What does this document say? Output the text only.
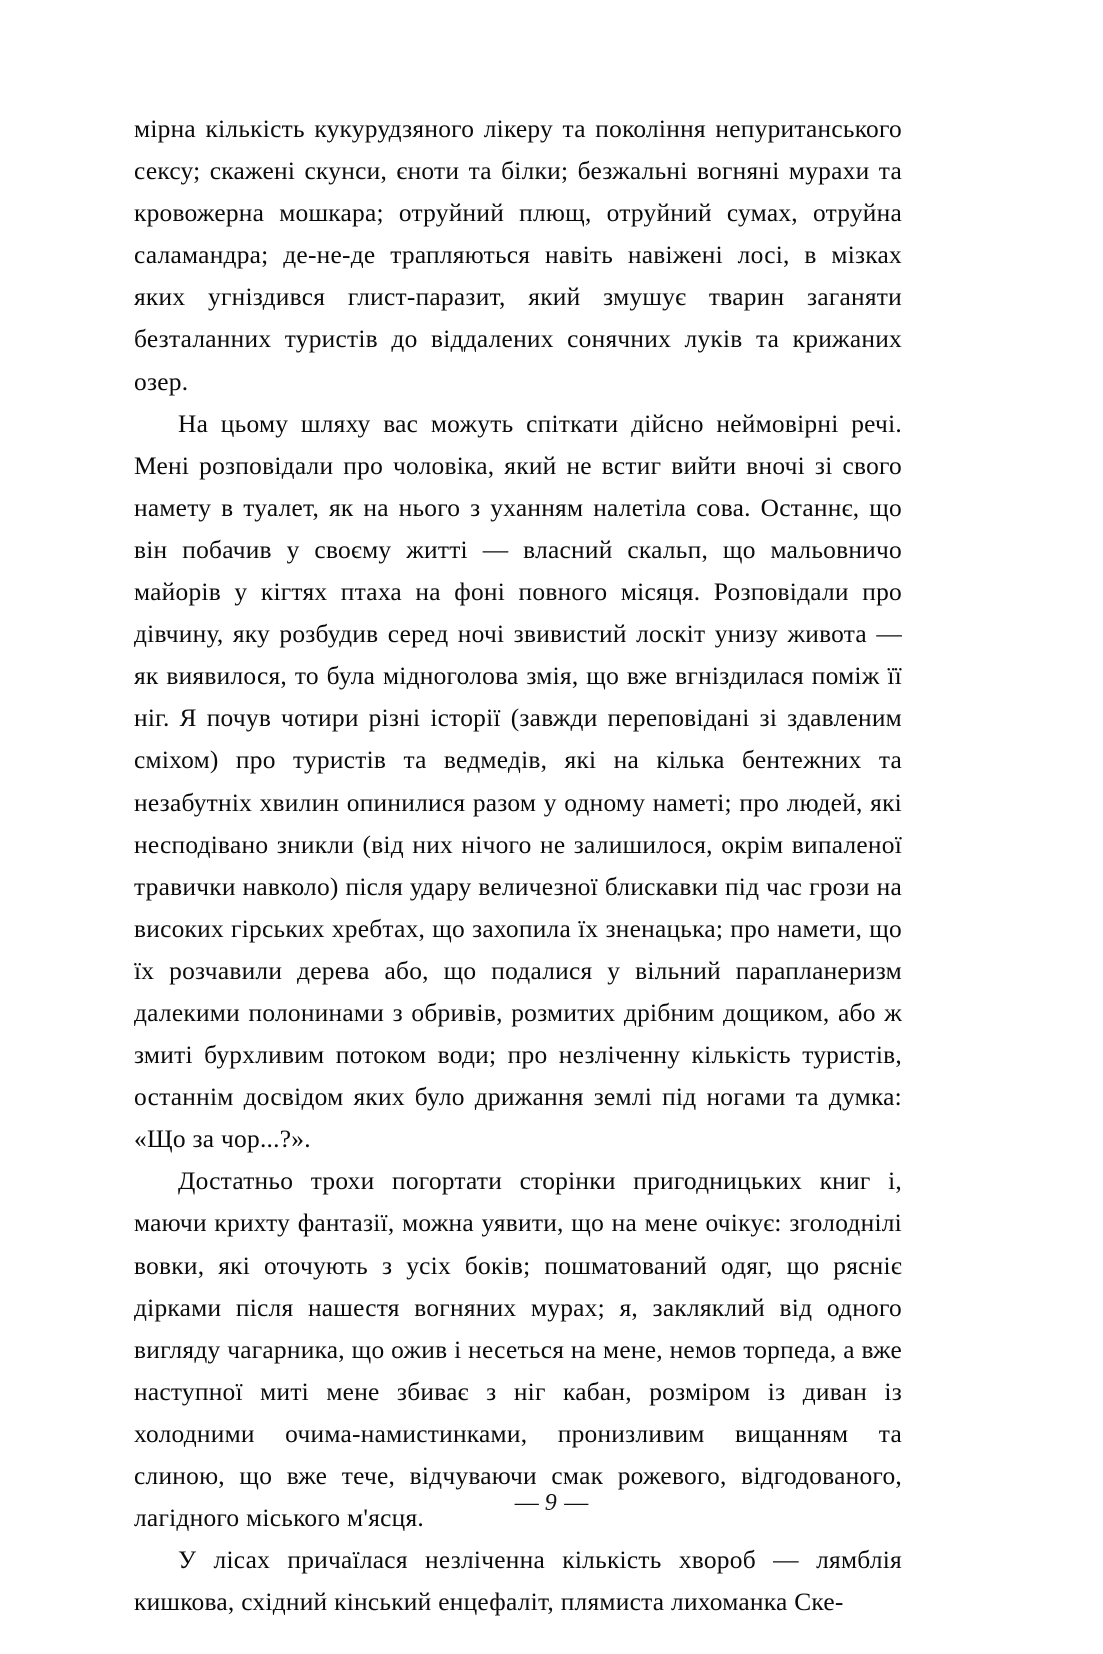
мірна кількість кукурудзяного лікеру та покоління непуританського сексу; скажені скунси, єноти та білки; безжальні вогняні мурахи та кровожерна мошкара; отруйний плющ, отруйний сумах, отруйна саламандра; де-не-де трапляються навіть навіжені лосі, в мізках яких угніздився глист-паразит, який змушує тварин заганяти безталанних туристів до віддалених сонячних луків та крижаних озер.

На цьому шляху вас можуть спіткати дійсно неймовірні речі. Мені розповідали про чоловіка, який не встиг вийти вночі зі свого намету в туалет, як на нього з уханням налетіла сова. Останнє, що він побачив у своєму житті — власний скальп, що мальовничо майорів у кігтях птаха на фоні повного місяця. Розповідали про дівчину, яку розбудив серед ночі звивистий лоскіт унизу живота — як виявилося, то була мідноголова змія, що вже вгніздилася поміж її ніг. Я почув чотири різні історії (завжди переповідані зі здавленим сміхом) про туристів та ведмедів, які на кілька бентежних та незабутніх хвилин опинилися разом у одному наметі; про людей, які несподівано зникли (від них нічого не залишилося, окрім випаленої травички навколо) після удару величезної блискавки під час грози на високих гірських хребтах, що захопила їх зненацька; про намети, що їх розчавили дерева або, що подалися у вільний парапланеризм далекими полонинами з обривів, розмитих дрібним дощиком, або ж змиті бурхливим потоком води; про незліченну кількість туристів, останнім досвідом яких було дрижання землі під ногами та думка: «Що за чор...?».

Достатньо трохи погортати сторінки пригодницьких книг і, маючи крихту фантазії, можна уявити, що на мене очікує: зголоднілі вовки, які оточують з усіх боків; пошматований одяг, що рясніє дірками після нашестя вогняних мурах; я, закляклий від одного вигляду чагарника, що ожив і несеться на мене, немов торпеда, а вже наступної миті мене збиває з ніг кабан, розміром із диван із холодними очима-намистинками, пронизливим вищанням та слиною, що вже тече, відчуваючи смак рожевого, відгодованого, лагідного міського м'ясця.

У лісах причаїлася незліченна кількість хвороб — лямблія кишкова, східний кінський енцефаліт, плямиста лихоманка Ске-

— 9 —
